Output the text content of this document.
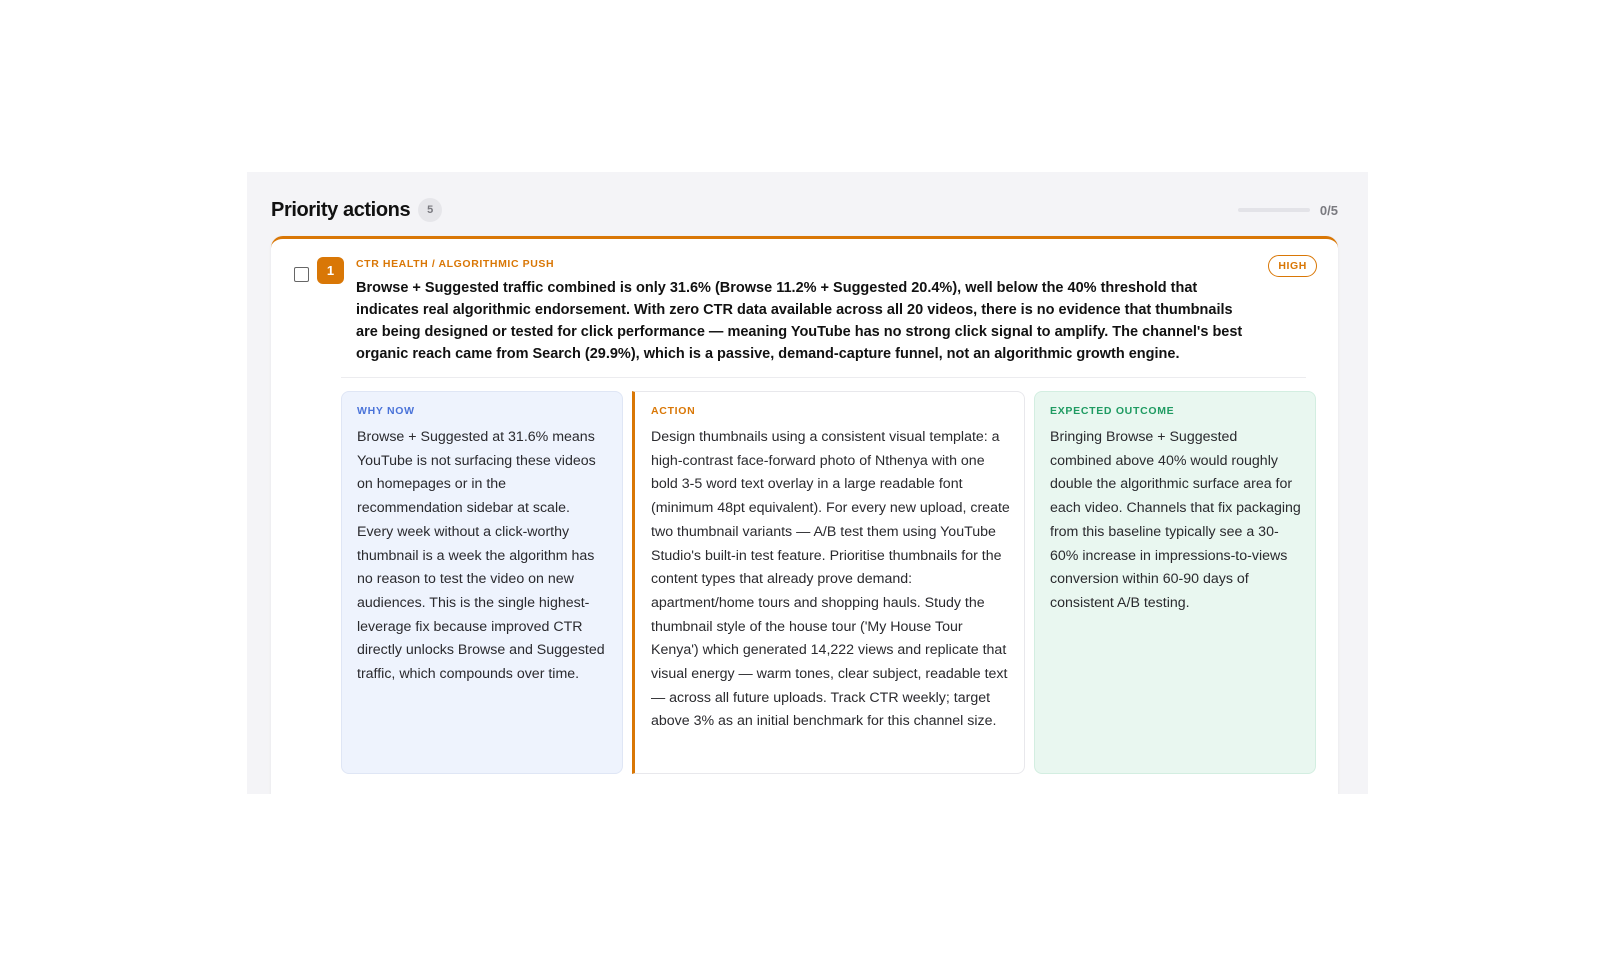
Priority actions	5	0/5
1	CTR HEALTH / ALGORITHMIC PUSH	HIGH
Browse + Suggested traffic combined is only 31.6% (Browse 11.2% + Suggested 20.4%), well below the 40% threshold that indicates real algorithmic endorsement. With zero CTR data available across all 20 videos, there is no evidence that thumbnails are being designed or tested for click performance — meaning YouTube has no strong click signal to amplify. The channel's best organic reach came from Search (29.9%), which is a passive, demand-capture funnel, not an algorithmic growth engine.
WHY NOW
Browse + Suggested at 31.6% means YouTube is not surfacing these videos on homepages or in the recommendation sidebar at scale. Every week without a click-worthy thumbnail is a week the algorithm has no reason to test the video on new audiences. This is the single highest-leverage fix because improved CTR directly unlocks Browse and Suggested traffic, which compounds over time.
ACTION
Design thumbnails using a consistent visual template: a high-contrast face-forward photo of Nthenya with one bold 3-5 word text overlay in a large readable font (minimum 48pt equivalent). For every new upload, create two thumbnail variants — A/B test them using YouTube Studio's built-in test feature. Prioritise thumbnails for the content types that already prove demand: apartment/home tours and shopping hauls. Study the thumbnail style of the house tour ('My House Tour Kenya') which generated 14,222 views and replicate that visual energy — warm tones, clear subject, readable text — across all future uploads. Track CTR weekly; target above 3% as an initial benchmark for this channel size.
EXPECTED OUTCOME
Bringing Browse + Suggested combined above 40% would roughly double the algorithmic surface area for each video. Channels that fix packaging from this baseline typically see a 30-60% increase in impressions-to-views conversion within 60-90 days of consistent A/B testing.
